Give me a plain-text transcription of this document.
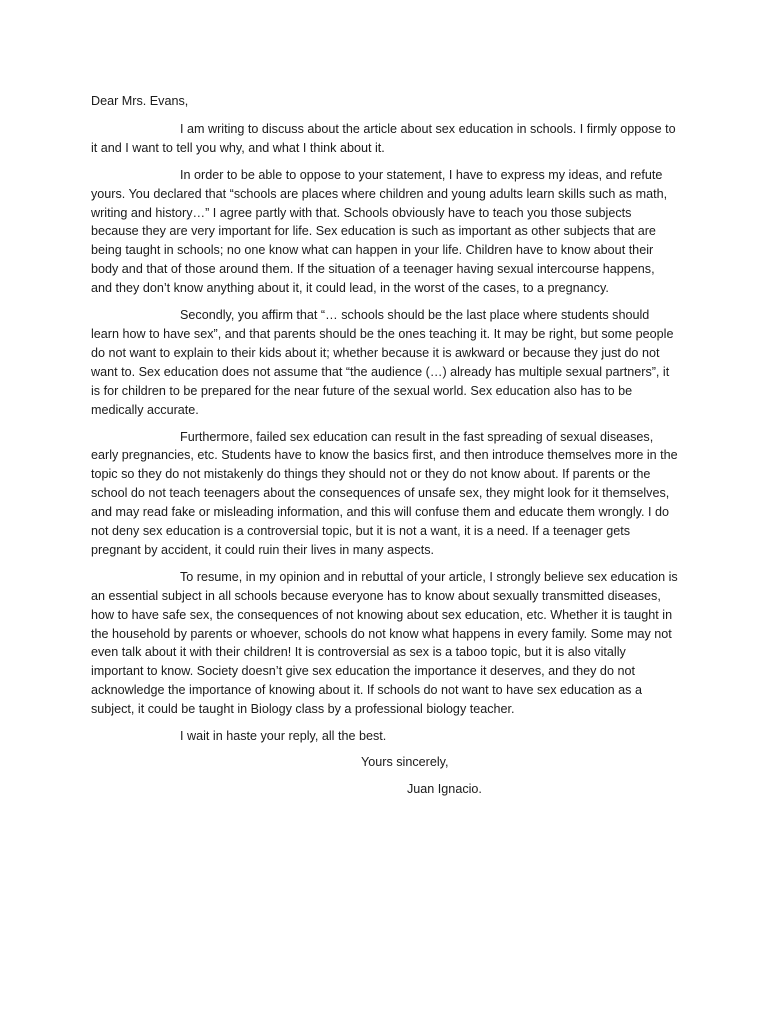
Dear Mrs. Evans,

I am writing to discuss about the article about sex education in schools. I firmly oppose to it and I want to tell you why, and what I think about it.

In order to be able to oppose to your statement, I have to express my ideas, and refute yours. You declared that “schools are places where children and young adults learn skills such as math, writing and history…” I agree partly with that. Schools obviously have to teach you those subjects because they are very important for life. Sex education is such as important as other subjects that are being taught in schools; no one know what can happen in your life. Children have to know about their body and that of those around them. If the situation of a teenager having sexual intercourse happens, and they don’t know anything about it, it could lead, in the worst of the cases, to a pregnancy.

Secondly, you affirm that “… schools should be the last place where students should learn how to have sex”, and that parents should be the ones teaching it. It may be right, but some people do not want to explain to their kids about it; whether because it is awkward or because they just do not want to. Sex education does not assume that “the audience (…) already has multiple sexual partners”, it is for children to be prepared for the near future of the sexual world. Sex education also has to be medically accurate.

Furthermore, failed sex education can result in the fast spreading of sexual diseases, early pregnancies, etc. Students have to know the basics first, and then introduce themselves more in the topic so they do not mistakenly do things they should not or they do not know about. If parents or the school do not teach teenagers about the consequences of unsafe sex, they might look for it themselves, and may read fake or misleading information, and this will confuse them and educate them wrongly. I do not deny sex education is a controversial topic, but it is not a want, it is a need. If a teenager gets pregnant by accident, it could ruin their lives in many aspects.

To resume, in my opinion and in rebuttal of your article, I strongly believe sex education is an essential subject in all schools because everyone has to know about sexually transmitted diseases, how to have safe sex, the consequences of not knowing about sex education, etc. Whether it is taught in the household by parents or whoever, schools do not know what happens in every family. Some may not even talk about it with their children! It is controversial as sex is a taboo topic, but it is also vitally important to know. Society doesn’t give sex education the importance it deserves, and they do not acknowledge the importance of knowing about it. If schools do not want to have sex education as a subject, it could be taught in Biology class by a professional biology teacher.

I wait in haste your reply, all the best.

Yours sincerely,

Juan Ignacio.
